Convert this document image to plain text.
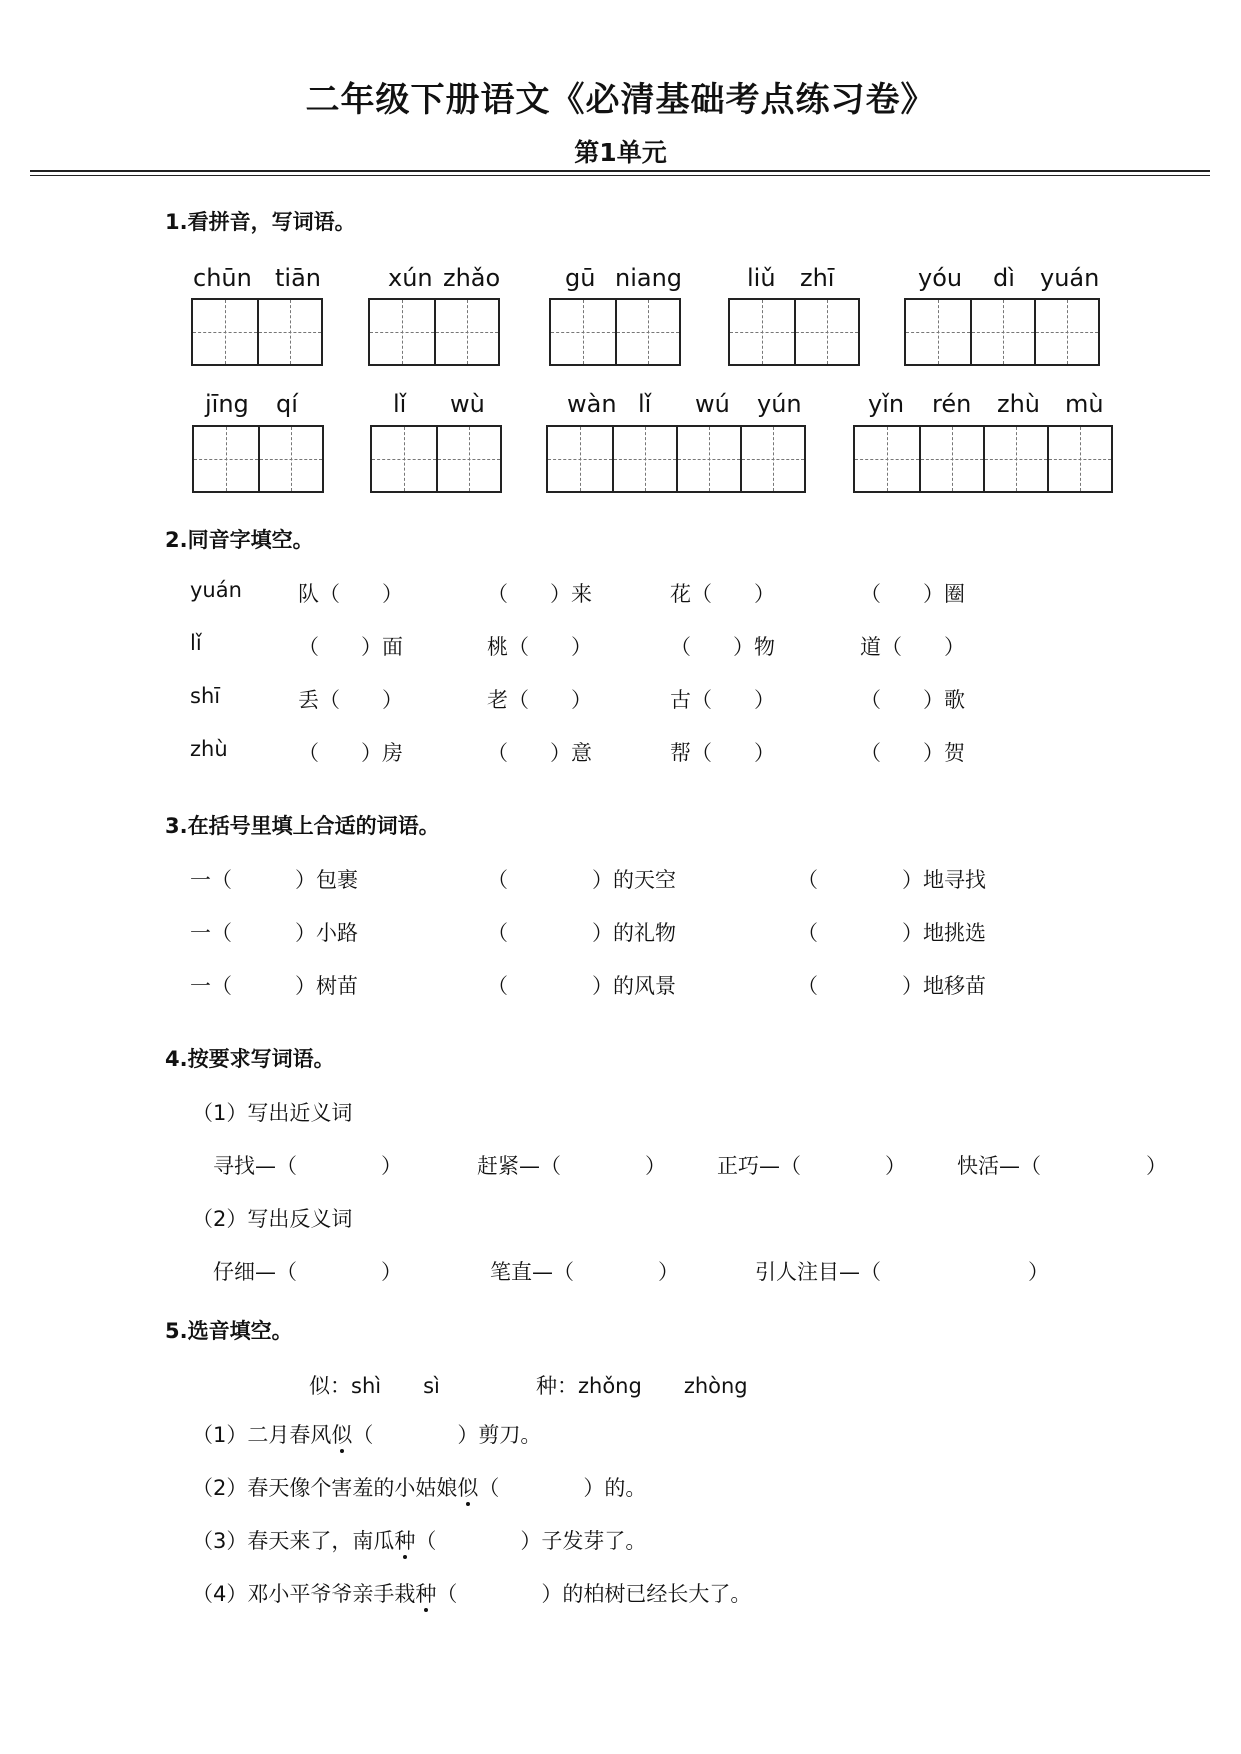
二年级下册语文《必清基础考点练习卷》
第1单元
1.看拼音，写词语。
chūn tiān	xún zhǎo	gū niang	liǔ zhī	yóu dì yuán
jīng qí	lǐ wù	wàn lǐ wú yún	yǐn rén zhù mù
2.同音字填空。
yuán	队（　　）	（　　）来	花（　　）	（　　）圈
lǐ	（　　）面	桃（　　）	（　　）物	道（　　）
shī	丢（　　）	老（　　）	古（　　）	（　　）歌
zhù	（　　）房	（　　）意	帮（　　）	（　　）贺
3.在括号里填上合适的词语。
一（　　　）包裹	（　　　　）的天空	（　　　　）地寻找
一（　　　）小路	（　　　　）的礼物	（　　　　）地挑选
一（　　　）树苗	（　　　　）的风景	（　　　　）地移苗
4.按要求写词语。
（1）写出近义词
寻找—（　　　　）	赶紧—（　　　　） 正巧—（　　　　） 快活—（　　　　　）
（2）写出反义词
仔细—（　　　　）	笔直—（　　　　）	引人注目—（　　　　　　　）
5.选音填空。
似：shì　　sì	种：zhǒng　　zhòng
（1）二月春风似（　　　　）剪刀。
（2）春天像个害羞的小姑娘似（　　　　）的。
（3）春天来了，南瓜种（　　　　）子发芽了。
（4）邓小平爷爷亲手栽种（　　　　）的柏树已经长大了。
